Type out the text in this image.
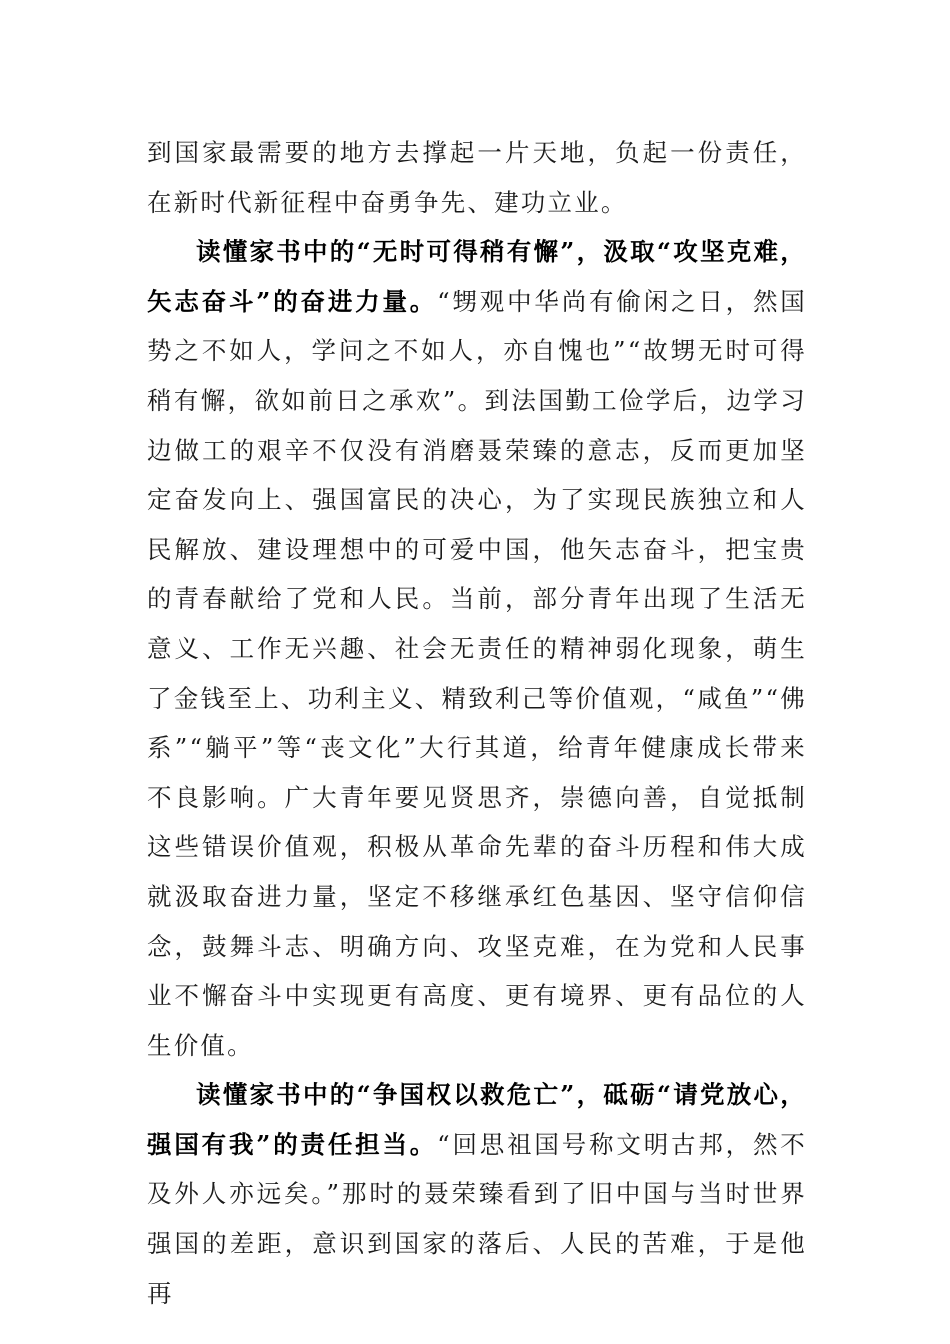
到国家最需要的地方去撑起一片天地，负起一份责任，在新时代新征程中奋勇争先、建功立业。

读懂家书中的“无时可得稍有懈”，汲取“攻坚克难，矢志奋斗”的奋进力量。“甥观中华尚有偷闲之日，然国势之不如人，学问之不如人，亦自愧也”“故甥无时可得稍有懈，欲如前日之承欢”。到法国勤工俭学后，边学习边做工的艰辛不仅没有消磨聂荣臻的意志，反而更加坚定奋发向上、强国富民的决心，为了实现民族独立和人民解放、建设理想中的可爱中国，他矢志奋斗，把宝贵的青春献给了党和人民。当前，部分青年出现了生活无意义、工作无兴趣、社会无责任的精神弱化现象，萌生了金钱至上、功利主义、精致利己等价值观，“咸鱼”“佛系”“躺平”等“丧文化”大行其道，给青年健康成长带来不良影响。广大青年要见贤思齐，崇德向善，自觉抵制这些错误价值观，积极从革命先辈的奋斗历程和伟大成就汲取奋进力量，坚定不移继承红色基因、坚守信仰信念，鼓舞斗志、明确方向、攻坚克难，在为党和人民事业不懈奋斗中实现更有高度、更有境界、更有品位的人生价值。

读懂家书中的“争国权以救危亡”，砥砺“请党放心，强国有我”的责任担当。“回思祖国号称文明古邦，然不及外人亦远矣。”那时的聂荣臻看到了旧中国与当时世界强国的差距，意识到国家的落后、人民的苦难，于是他再
